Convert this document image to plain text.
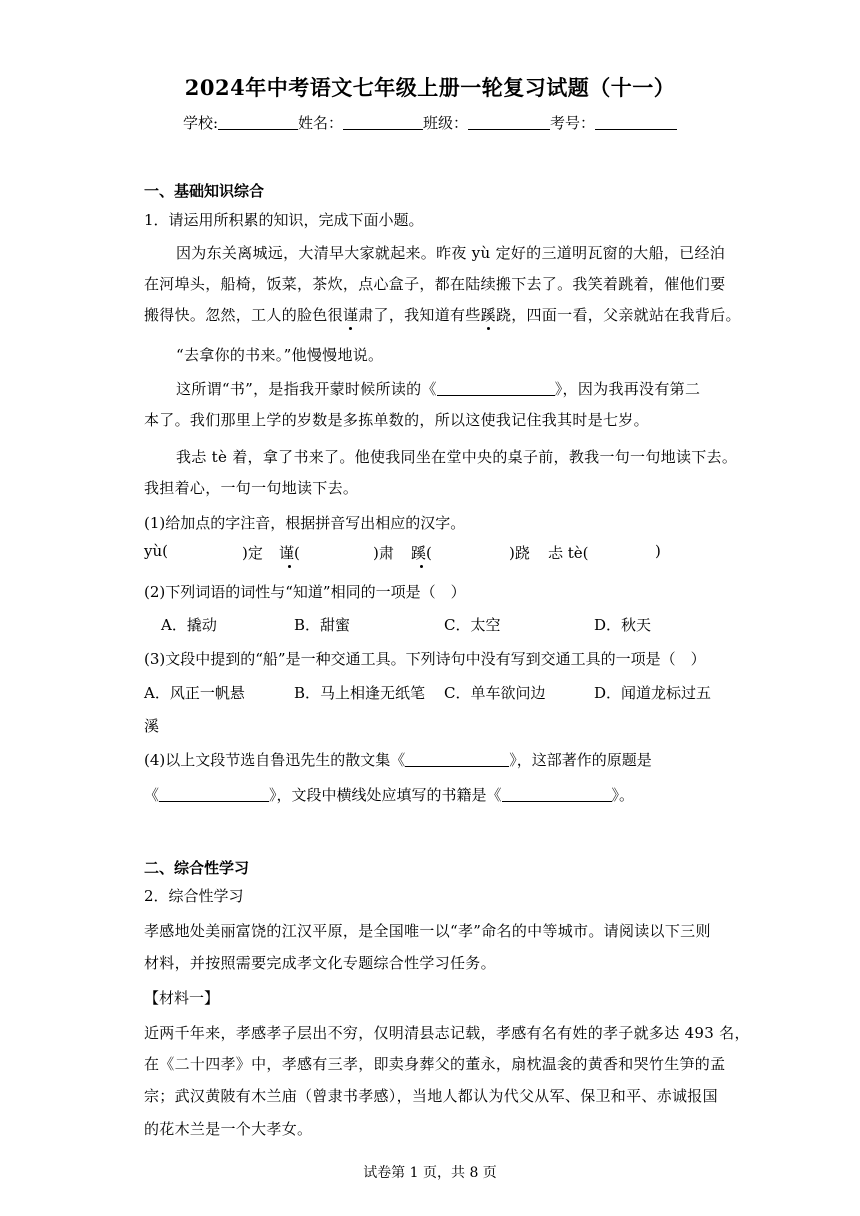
2024年中考语文七年级上册一轮复习试题（十一）
学校:	姓名：	班级：	考号：
一、基础知识综合
1．请运用所积累的知识，完成下面小题。
因为东关离城远，大清早大家就起来。昨夜 yù 定好的三道明瓦窗的大船，已经泊
在河埠头，船椅，饭菜，茶炊，点心盒子，都在陆续搬下去了。我笑着跳着，催他们要
搬得快。忽然，工人的脸色很谨肃了，我知道有些蹊跷，四面一看，父亲就站在我背后。
“去拿你的书来。”他慢慢地说。
这所谓“书”，是指我开蒙时候所读的《	》，因为我再没有第二
本了。我们那里上学的岁数是多拣单数的，所以这使我记住我其时是七岁。
我忐 tè 着，拿了书来了。他使我同坐在堂中央的桌子前，教我一句一句地读下去。
我担着心，一句一句地读下去。
(1)给加点的字注音，根据拼音写出相应的汉字。
yù(	)定 谨(	)肃 蹊(	)跷 忐 tè(	)
(2)下列词语的词性与“知道”相同的一项是（　）
A．撬动	B．甜蜜	C．太空	D．秋天
(3)文段中提到的“船”是一种交通工具。下列诗句中没有写到交通工具的一项是（　）
A．风正一帆悬	B．马上相逢无纸笔 C．单车欲问边	D．闻道龙标过五
溪
(4)以上文段节选自鲁迅先生的散文集《	》，这部著作的原题是
《	》，文段中横线处应填写的书籍是《	》。
二、综合性学习
2．综合性学习
孝感地处美丽富饶的江汉平原，是全国唯一以“孝”命名的中等城市。请阅读以下三则
材料，并按照需要完成孝文化专题综合性学习任务。
【材料一】
近两千年来，孝感孝子层出不穷，仅明清县志记载，孝感有名有姓的孝子就多达 493 名，
在《二十四孝》中，孝感有三孝，即卖身葬父的董永，扇枕温衾的黄香和哭竹生笋的孟
宗；武汉黄陂有木兰庙（曾隶书孝感），当地人都认为代父从军、保卫和平、赤诚报国
的花木兰是一个大孝女。
试卷第 1 页，共 8 页
